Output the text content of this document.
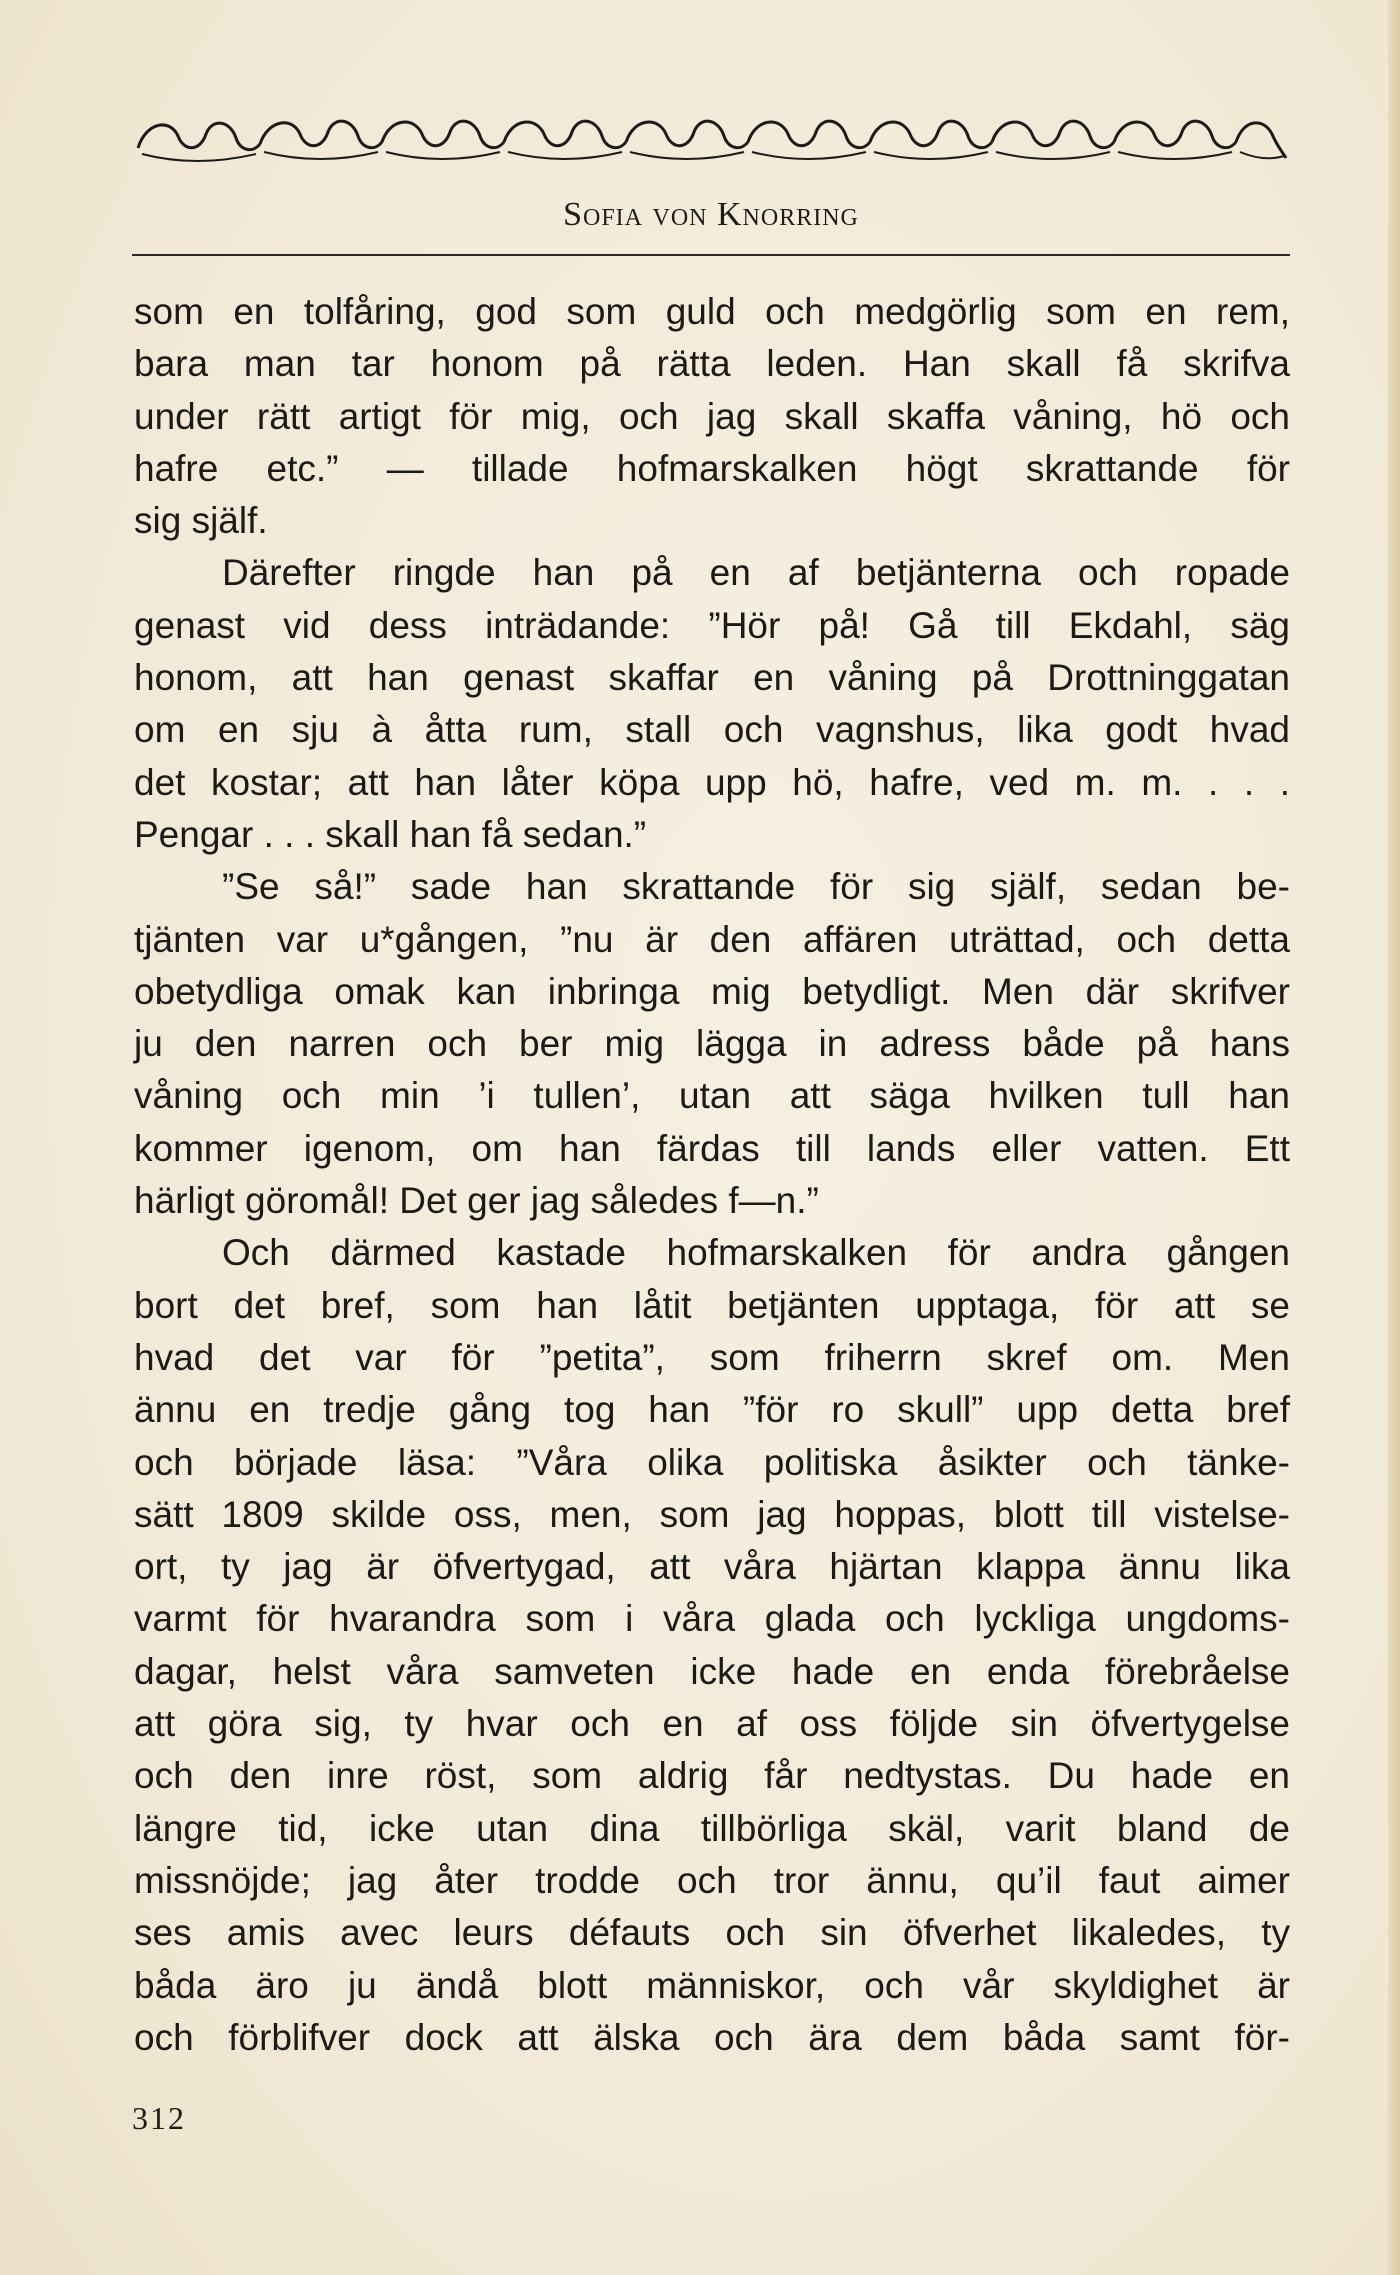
Sofia von Knorring
som en tolfåring, god som guld och medgörlig som en rem,
bara man tar honom på rätta leden. Han skall få skrifva
under rätt artigt för mig, och jag skall skaffa våning, hö och
hafre etc.” — tillade hofmarskalken högt skrattande för
sig själf.
Därefter ringde han på en af betjänterna och ropade
genast vid dess inträdande: ”Hör på! Gå till Ekdahl, säg
honom, att han genast skaffar en våning på Drottninggatan
om en sju à åtta rum, stall och vagnshus, lika godt hvad
det kostar; att han låter köpa upp hö, hafre, ved m. m. . . .
Pengar . . . skall han få sedan.”
”Se så!” sade han skrattande för sig själf, sedan be-
tjänten var u*gången, ”nu är den affären uträttad, och detta
obetydliga omak kan inbringa mig betydligt. Men där skrifver
ju den narren och ber mig lägga in adress både på hans
våning och min ’i tullen’, utan att säga hvilken tull han
kommer igenom, om han färdas till lands eller vatten. Ett
härligt göromål! Det ger jag således f—n.”
Och därmed kastade hofmarskalken för andra gången
bort det bref, som han låtit betjänten upptaga, för att se
hvad det var för ”petita”, som friherrn skref om. Men
ännu en tredje gång tog han ”för ro skull” upp detta bref
och började läsa: ”Våra olika politiska åsikter och tänke-
sätt 1809 skilde oss, men, som jag hoppas, blott till vistelse-
ort, ty jag är öfvertygad, att våra hjärtan klappa ännu lika
varmt för hvarandra som i våra glada och lyckliga ungdoms-
dagar, helst våra samveten icke hade en enda förebråelse
att göra sig, ty hvar och en af oss följde sin öfvertygelse
och den inre röst, som aldrig får nedtystas. Du hade en
längre tid, icke utan dina tillbörliga skäl, varit bland de
missnöjde; jag åter trodde och tror ännu, qu’il faut aimer
ses amis avec leurs défauts och sin öfverhet likaledes, ty
båda äro ju ändå blott människor, och vår skyldighet är
och förblifver dock att älska och ära dem båda samt för-
312
